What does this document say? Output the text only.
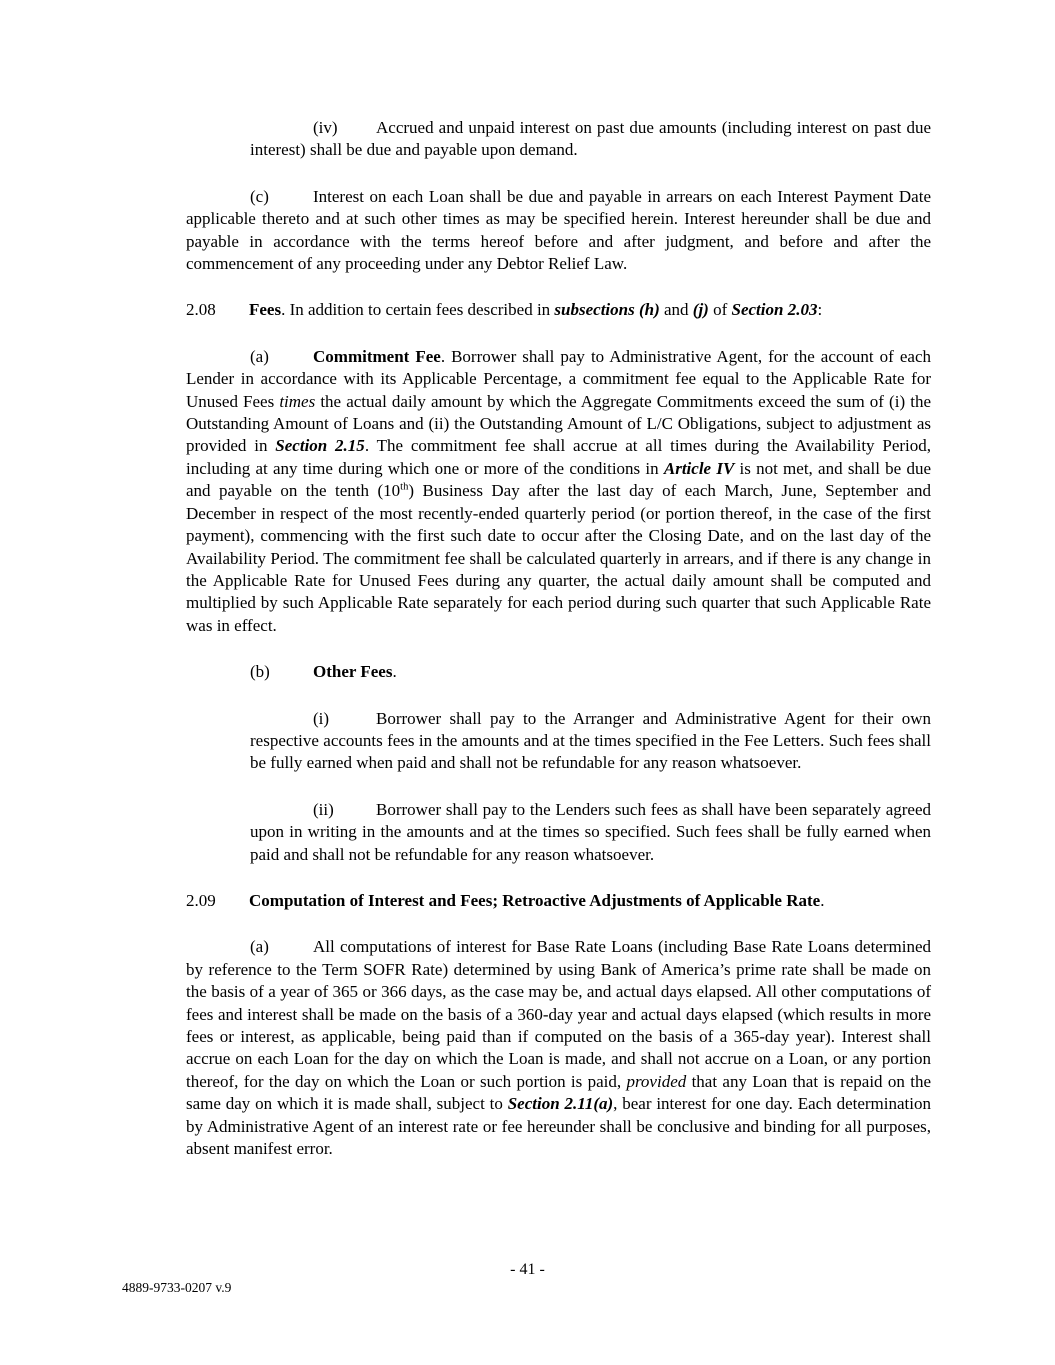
(iv) Accrued and unpaid interest on past due amounts (including interest on past due interest) shall be due and payable upon demand.

(c)	Interest on each Loan shall be due and payable in arrears on each Interest Payment Date applicable thereto and at such other times as may be specified herein. Interest hereunder shall be due and payable in accordance with the terms hereof before and after judgment, and before and after the commencement of any proceeding under any Debtor Relief Law.

2.08 Fees. In addition to certain fees described in subsections (h) and (j) of Section 2.03:

(a)	Commitment Fee. Borrower shall pay to Administrative Agent, for the account of each Lender in accordance with its Applicable Percentage, a commitment fee equal to the Applicable Rate for Unused Fees times the actual daily amount by which the Aggregate Commitments exceed the sum of (i) the Outstanding Amount of Loans and (ii) the Outstanding Amount of L/C Obligations, subject to adjustment as provided in Section 2.15. The commitment fee shall accrue at all times during the Availability Period, including at any time during which one or more of the conditions in Article IV is not met, and shall be due and payable on the tenth (10th) Business Day after the last day of each March, June, September and December in respect of the most recently-ended quarterly period (or portion thereof, in the case of the first payment), commencing with the first such date to occur after the Closing Date, and on the last day of the Availability Period. The commitment fee shall be calculated quarterly in arrears, and if there is any change in the Applicable Rate for Unused Fees during any quarter, the actual daily amount shall be computed and multiplied by such Applicable Rate separately for each period during such quarter that such Applicable Rate was in effect.

(b)	Other Fees.

(i)	Borrower shall pay to the Arranger and Administrative Agent for their own respective accounts fees in the amounts and at the times specified in the Fee Letters. Such fees shall be fully earned when paid and shall not be refundable for any reason whatsoever.

(ii) Borrower shall pay to the Lenders such fees as shall have been separately agreed upon in writing in the amounts and at the times so specified. Such fees shall be fully earned when paid and shall not be refundable for any reason whatsoever.

2.09 Computation of Interest and Fees; Retroactive Adjustments of Applicable Rate.

(a)	All computations of interest for Base Rate Loans (including Base Rate Loans determined by reference to the Term SOFR Rate) determined by using Bank of America’s prime rate shall be made on the basis of a year of 365 or 366 days, as the case may be, and actual days elapsed. All other computations of fees and interest shall be made on the basis of a 360-day year and actual days elapsed (which results in more fees or interest, as applicable, being paid than if computed on the basis of a 365-day year). Interest shall accrue on each Loan for the day on which the Loan is made, and shall not accrue on a Loan, or any portion thereof, for the day on which the Loan or such portion is paid, provided that any Loan that is repaid on the same day on which it is made shall, subject to Section 2.11(a), bear interest for one day. Each determination by Administrative Agent of an interest rate or fee hereunder shall be conclusive and binding for all purposes, absent manifest error.

- 41 -
4889-9733-0207 v.9
